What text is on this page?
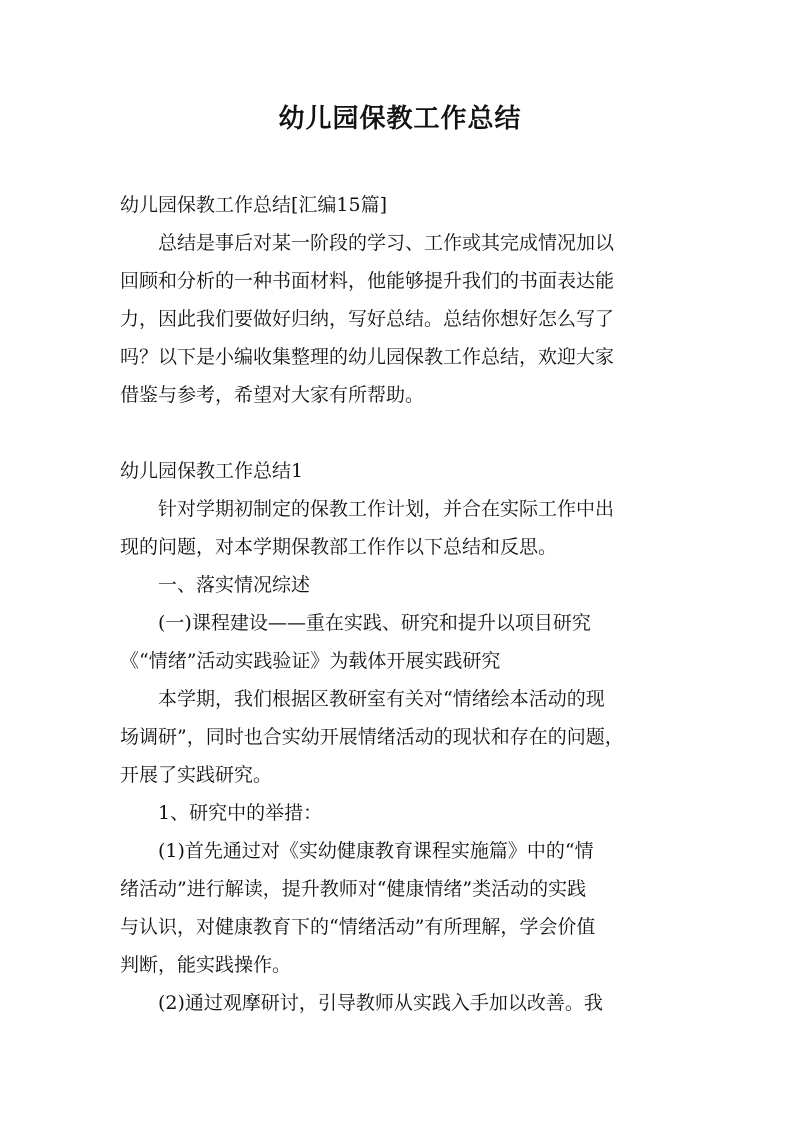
幼儿园保教工作总结

幼儿园保教工作总结[汇编15篇]

　　总结是事后对某一阶段的学习、工作或其完成情况加以

回顾和分析的一种书面材料，他能够提升我们的书面表达能

力，因此我们要做好归纳，写好总结。总结你想好怎么写了

吗？以下是小编收集整理的幼儿园保教工作总结，欢迎大家

借鉴与参考，希望对大家有所帮助。

幼儿园保教工作总结1

　　针对学期初制定的保教工作计划，并合在实际工作中出

现的问题，对本学期保教部工作作以下总结和反思。

　　一、落实情况综述

　　(一)课程建设——重在实践、研究和提升以项目研究

《“情绪”活动实践验证》为载体开展实践研究

　　本学期，我们根据区教研室有关对“情绪绘本活动的现

场调研”，同时也合实幼开展情绪活动的现状和存在的问题，

开展了实践研究。

　　1、研究中的举措：

　　(1)首先通过对《实幼健康教育课程实施篇》中的“情

绪活动”进行解读，提升教师对“健康情绪”类活动的实践

与认识，对健康教育下的“情绪活动”有所理解，学会价值

判断，能实践操作。

　　(2)通过观摩研讨，引导教师从实践入手加以改善。我
